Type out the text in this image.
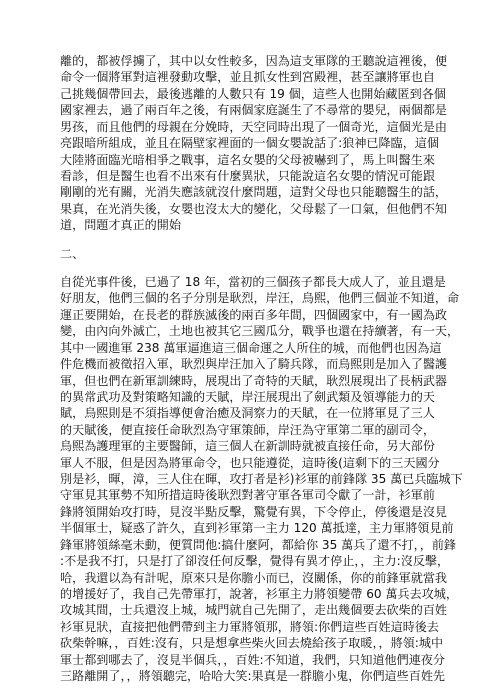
離的，都被俘擄了，其中以女性較多，因為這支軍隊的王聽說這裡後，便
命令一個將軍對這裡發動攻擊，並且抓女性到宮殿裡，甚至讓將軍也自
己挑幾個帶回去，最後逃離的人數只有 19 個，這些人也開始藏匿到各個
國家裡去，過了兩百年之後，有兩個家庭誕生了不尋常的嬰兒，兩個都是
男孩，而且他們的母親在分娩時，天空同時出現了一個奇光，這個光是由
亮跟暗所組成，並且在隔壁家裡面的一個女嬰說話了:狼神已降臨，這個
大陸將面臨光暗相爭之戰事，這名女嬰的父母被嚇到了，馬上叫醫生來
看診，但是醫生也看不出來有什麼異狀，只能說這名女嬰的情況可能跟
剛剛的光有關，光消失應該就沒什麼問題，這對父母也只能聽醫生的話，
果真，在光消失後，女嬰也沒太大的變化，父母鬆了一口氣，但他們不知
道，問題才真正的開始
二、
自從光事件後，已過了 18 年，當初的三個孩子都長大成人了，並且還是
好朋友，他們三個的名子分別是耿烈，岸汪，烏熙，他們三個並不知道，命
運正要開始，在長老的群族滅後的兩百多年間，四個國家中，有一國為政
變，由內向外滅亡，土地也被其它三國瓜分，戰爭也還在持續著，有一天，
其中一國進軍 238 萬軍逼進這三個命運之人所住的城，而他們也因為這
件危機而被徵招入軍，耿烈與岸汪加入了騎兵隊，而烏熙則是加入了醫護
軍，但也們在新軍訓練時，展現出了奇特的天賦，耿烈展現出了長柄武器
的異常武功及對策略知識的天賦，岸汪展現出了劍武類及領導能力的天
賦，烏熙則是不須指導便會治癒及洞察力的天賦，在一位將軍見了三人
的天賦後，便直接任命耿烈為守軍策師，岸汪為守軍第二軍的副司令，
烏熙為護理軍的主要醫師，這三個人在新訓時就被直接任命，另大部份
軍人不服，但是因為將軍命令，也只能遵從，這時後(這剩下的三天國分
別是衫，暉，漳，三人住在暉，攻打者是衫)衫軍的前鋒隊 35 萬已兵臨城下
守軍見其軍勢不知所措這時後耿烈對著守軍各軍司令獻了一計，衫軍前
鋒將領開始攻打時，見沒半點反擊，驚覺有異，下令停止，停後還是沒見
半個軍士，疑惑了許久，直到衫軍第一主力 120 萬抵達，主力軍將領見前
鋒軍將領絲毫未動，便質問他:搞什麼阿，都給你 35 萬兵了還不打，，前鋒
:不是我不打，只是打了卻沒任何反擊，覺得有異才停止，，主力:沒反擊，
哈，我還以為有計呢，原來只是你膽小而已，沒關係，你的前鋒軍就當我
的增援好了，我自己先帶軍打，說著，衫軍主力將領變帶 60 萬兵去攻城，
攻城其間，士兵還沒上城，城門就自己先開了，走出幾個要去砍柴的百姓
衫軍見狀，直接把他們帶到主力軍將領那，將領:你們這些百姓這時後去
砍柴幹嘛，，百姓:沒有，只是想拿些柴火回去燒給孩子取暖，，將領:城中
軍士都到哪去了，沒見半個兵，，百姓:不知道，我們，只知道他們連夜分
三路離開了，，將領聽完，哈哈大笑:果真是一群膽小鬼，你們這些百姓先
